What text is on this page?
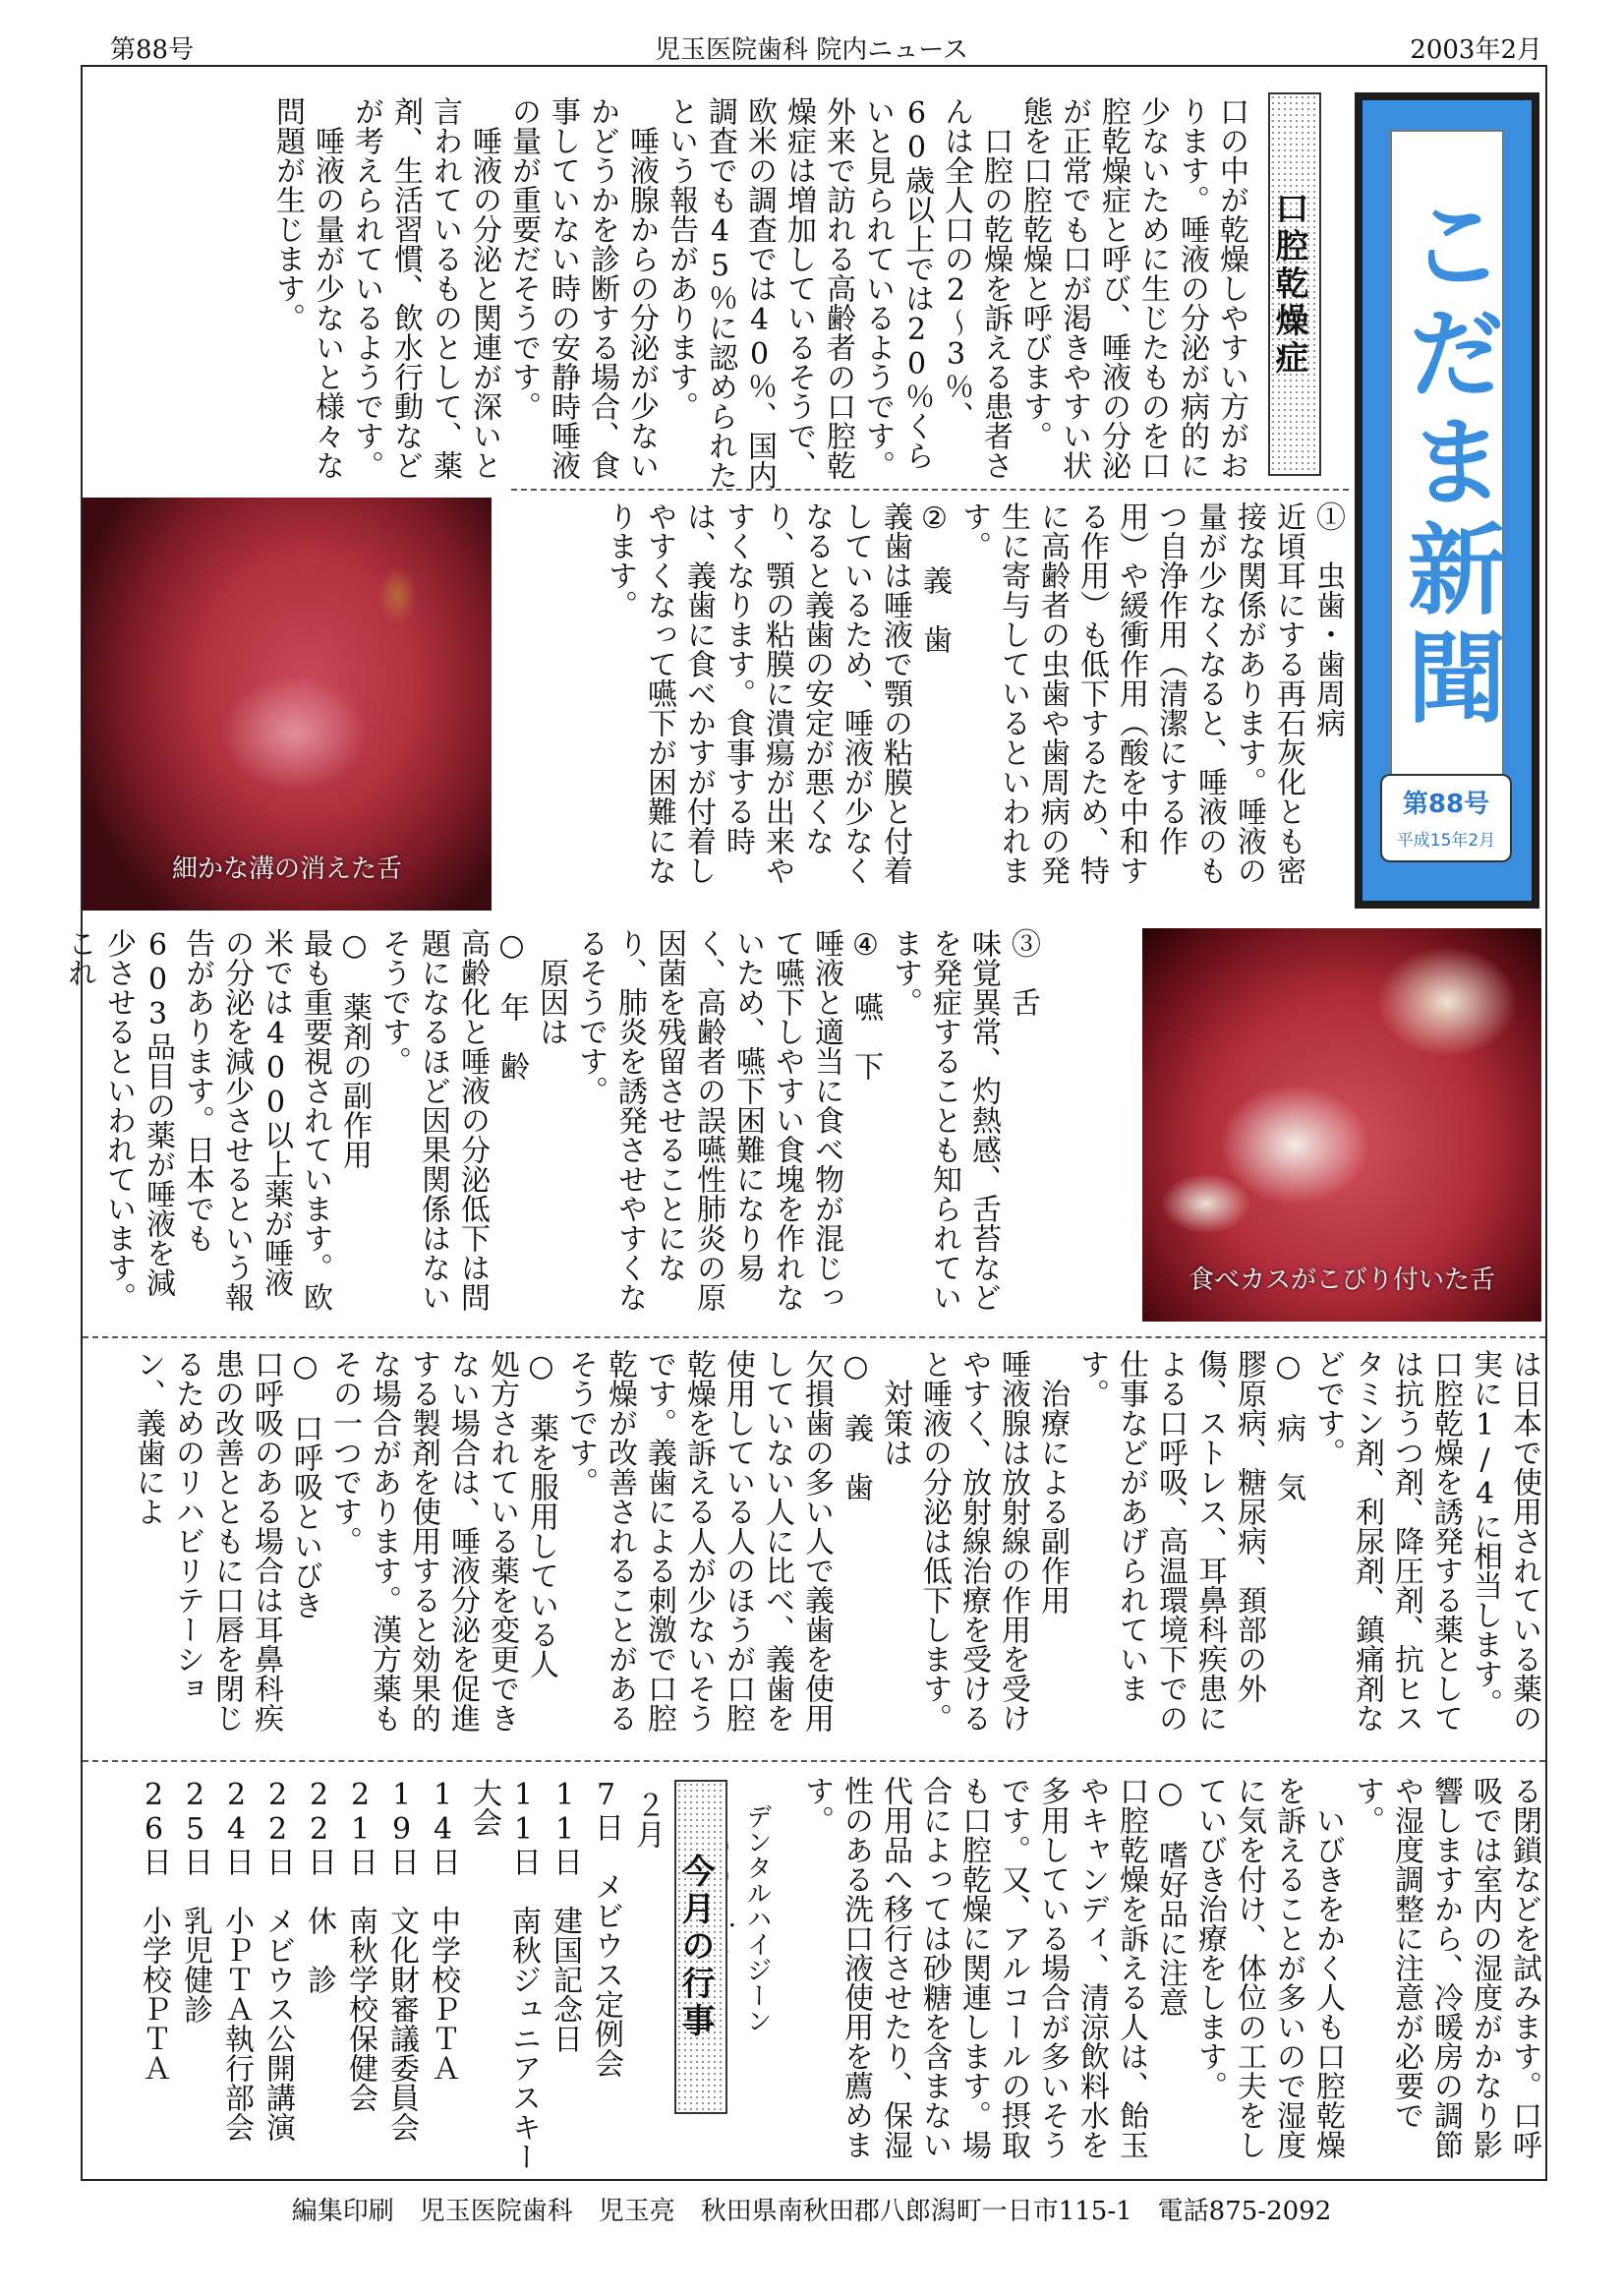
第88号	児玉医院歯科 院内ニュース	2003年2月
こだま新聞
第88号
平成15年2月
口腔乾燥症
口の中が乾燥しやすい方がおります。唾液の分泌が病的に少ないために生じたものを口腔乾燥症と呼び、唾液の分泌が正常でも口が渇きやすい状態を口腔乾燥と呼びます。
　口腔の乾燥を訴える患者さんは全人口の2～3％、60歳以上では20％くらいと見られているようです。外来で訪れる高齢者の口腔乾燥症は増加しているそうで、欧米の調査では40％、国内調査でも45％に認められたという報告があります。
　唾液腺からの分泌が少ないかどうかを診断する場合、食事していない時の安静時唾液の量が重要だそうです。
　唾液の分泌と関連が深いと言われているものとして、薬剤、生活習慣、飲水行動などが考えられているようです。
　唾液の量が少ないと様々な問題が生じます。
①　虫歯・歯周病
近頃耳にする再石灰化とも密接な関係があります。唾液の量が少なくなると、唾液のもつ自浄作用（清潔にする作用）や緩衝作用（酸を中和する作用）も低下するため、特に高齢者の虫歯や歯周病の発生に寄与しているといわれます。
②　義　歯
義歯は唾液で顎の粘膜と付着しているため、唾液が少なくなると義歯の安定が悪くなり、顎の粘膜に潰瘍が出来やすくなります。食事する時は、義歯に食べかすが付着しやすくなって嚥下が困難になります。
細かな溝の消えた舌
③　舌
味覚異常、灼熱感、舌苔などを発症することも知られています。
④　嚥　下
唾液と適当に食べ物が混じって嚥下しやすい食塊を作れないため、嚥下困難になり易く、高齢者の誤嚥性肺炎の原因菌を残留させることになり、肺炎を誘発させやすくなるそうです。
　原因は
○　年　齢
高齢化と唾液の分泌低下は問題になるほど因果関係はないそうです。
○　薬剤の副作用
最も重要視されています。欧米では400以上薬が唾液の分泌を減少させるという報告があります。日本でも603品目の薬が唾液を減少させるといわれています。これ
食べカスがこびり付いた舌
は日本で使用されている薬の実に1/4に相当します。口腔乾燥を誘発する薬としては抗うつ剤、降圧剤、抗ヒスタミン剤、利尿剤、鎮痛剤などです。
○　病　気
膠原病、糖尿病、頚部の外傷、ストレス、耳鼻科疾患による口呼吸、高温環境下での仕事などがあげられています。
　治療による副作用
唾液腺は放射線の作用を受けやすく、放射線治療を受けると唾液の分泌は低下します。
　対策は
○　義　歯
欠損歯の多い人で義歯を使用していない人に比べ、義歯を使用している人のほうが口腔乾燥を訴える人が少ないそうです。義歯による刺激で口腔乾燥が改善されることがあるそうです。
○　薬を服用している人
処方されている薬を変更できない場合は、唾液分泌を促進する製剤を使用すると効果的な場合があります。漢方薬もその一つです。
○　口呼吸といびき
口呼吸のある場合は耳鼻科疾患の改善とともに口唇を閉じるためのリハビリテーション、義歯によ
る閉鎖などを試みます。口呼吸では室内の湿度がかなり影響しますから、冷暖房の調節や湿度調整に注意が必要です。
　いびきをかく人も口腔乾燥を訴えることが多いので湿度に気を付け、体位の工夫をしていびき治療をします。
○　嗜好品に注意
口腔乾燥を訴える人は、飴玉やキャンディ、清涼飲料水を多用している場合が多いそうです。又、アルコールの摂取も口腔乾燥に関連します。場合によっては砂糖を含まない代用品へ移行させたり、保湿性のある洗口液使用を薦めます。
デンタルハイジーン　
今月の行事
２月
7日　メビウス定例会
11日　建国記念日
11日　南秋ジュニアスキー大会
14日　中学校ＰＴＡ
19日　文化財審議委員会
21日　南秋学校保健会
22日　休　診
22日　メビウス公開講演
24日　小ＰＴＡ執行部会
25日　乳児健診
26日　小学校ＰＴＡ
編集印刷　児玉医院歯科　児玉亮　秋田県南秋田郡八郎潟町一日市115-1　電話875-2092
